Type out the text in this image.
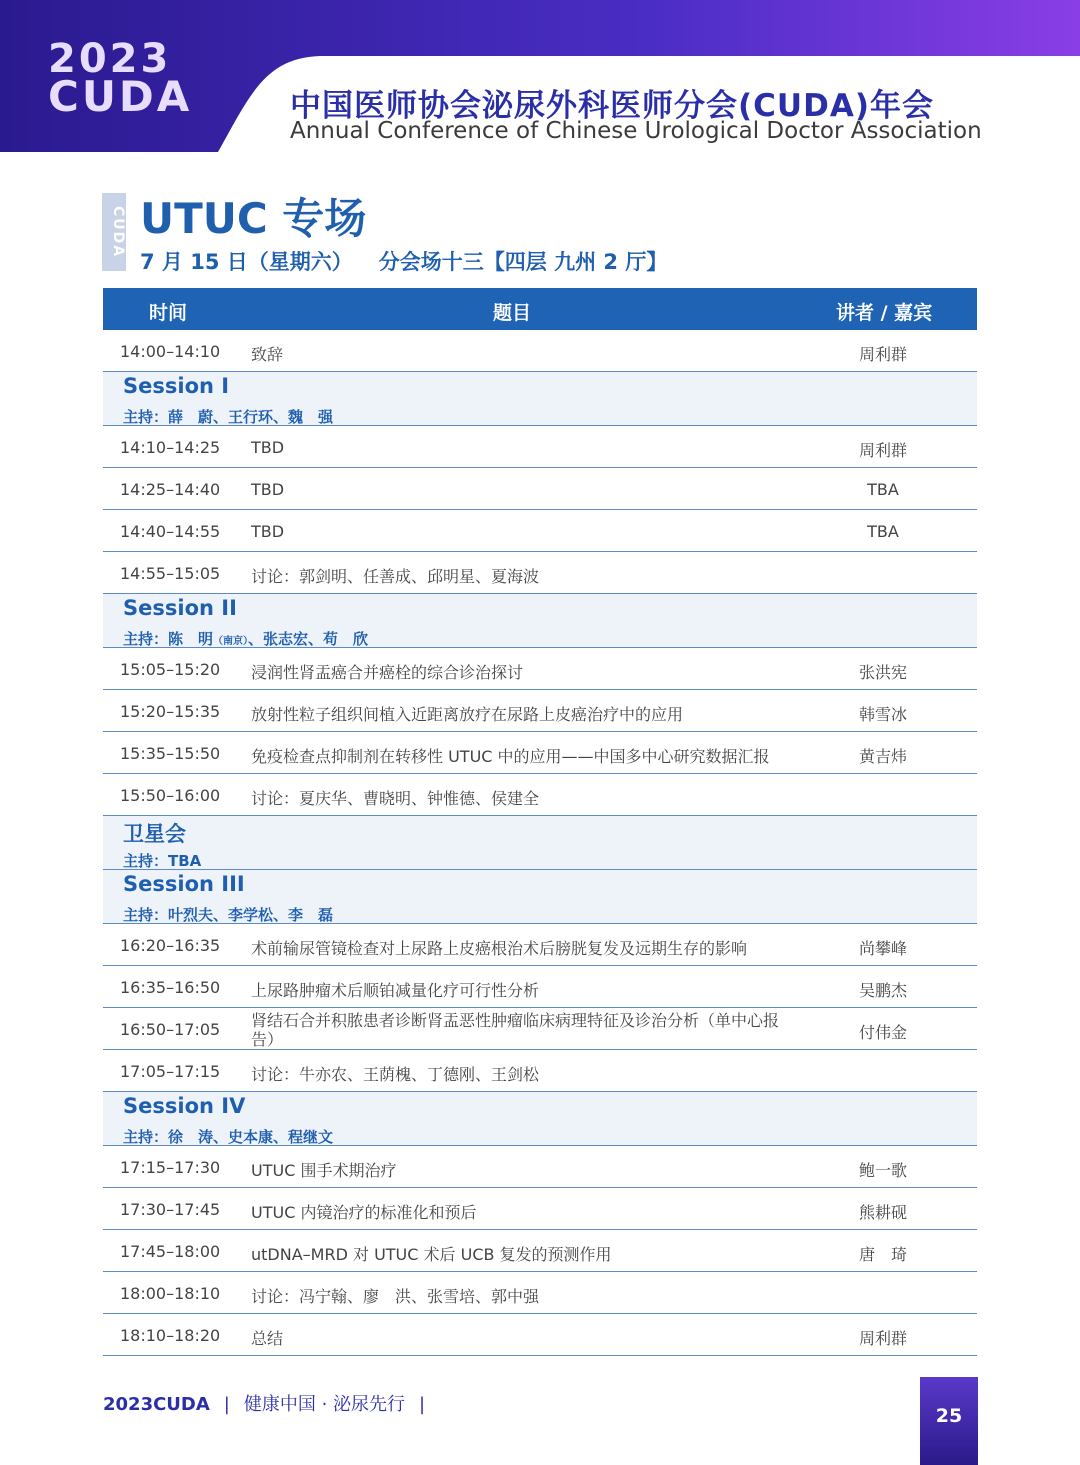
2023
CUDA	中国医师协会泌尿外科医师分会(CUDA)年会
Annual Conference of Chinese Urological Doctor Association
CUDA UTUC 专场
7 月 15 日（星期六） 分会场十三【四层 九州 2 厅】
时间	题目	讲者 / 嘉宾
14:00–14:10 致辞	周利群
Session I
主持：薛　蔚、王行环、魏　强
14:10–14:25 TBD	周利群
14:25–14:40 TBD	TBA
14:40–14:55 TBD	TBA
14:55–15:05 讨论：郭剑明、任善成、邱明星、夏海波
Session II
主持：陈　明（南京）、张志宏、苟　欣
15:05–15:20 浸润性肾盂癌合并癌栓的综合诊治探讨	张洪宪
15:20–15:35 放射性粒子组织间植入近距离放疗在尿路上皮癌治疗中的应用	韩雪冰
15:35–15:50 免疫检查点抑制剂在转移性 UTUC 中的应用——中国多中心研究数据汇报	黄吉炜
15:50–16:00 讨论：夏庆华、曹晓明、钟惟德、侯建全
卫星会
主持：TBA
Session III
主持：叶烈夫、李学松、李　磊
16:20–16:35 术前输尿管镜检查对上尿路上皮癌根治术后膀胱复发及远期生存的影响	尚攀峰
16:35–16:50 上尿路肿瘤术后顺铂减量化疗可行性分析	吴鹏杰
16:50–17:05 肾结石合并积脓患者诊断肾盂恶性肿瘤临床病理特征及诊治分析（单中心报告）	付伟金
17:05–17:15 讨论：牛亦农、王荫槐、丁德刚、王剑松
Session IV
主持：徐　涛、史本康、程继文
17:15–17:30 UTUC 围手术期治疗	鲍一歌
17:30–17:45 UTUC 内镜治疗的标准化和预后	熊耕砚
17:45–18:00 utDNA–MRD 对 UTUC 术后 UCB 复发的预测作用	唐　琦
18:00–18:10 讨论：冯宁翰、廖　洪、张雪培、郭中强
18:10–18:20 总结	周利群
2023CUDA | 健康中国 · 泌尿先行 |
25
